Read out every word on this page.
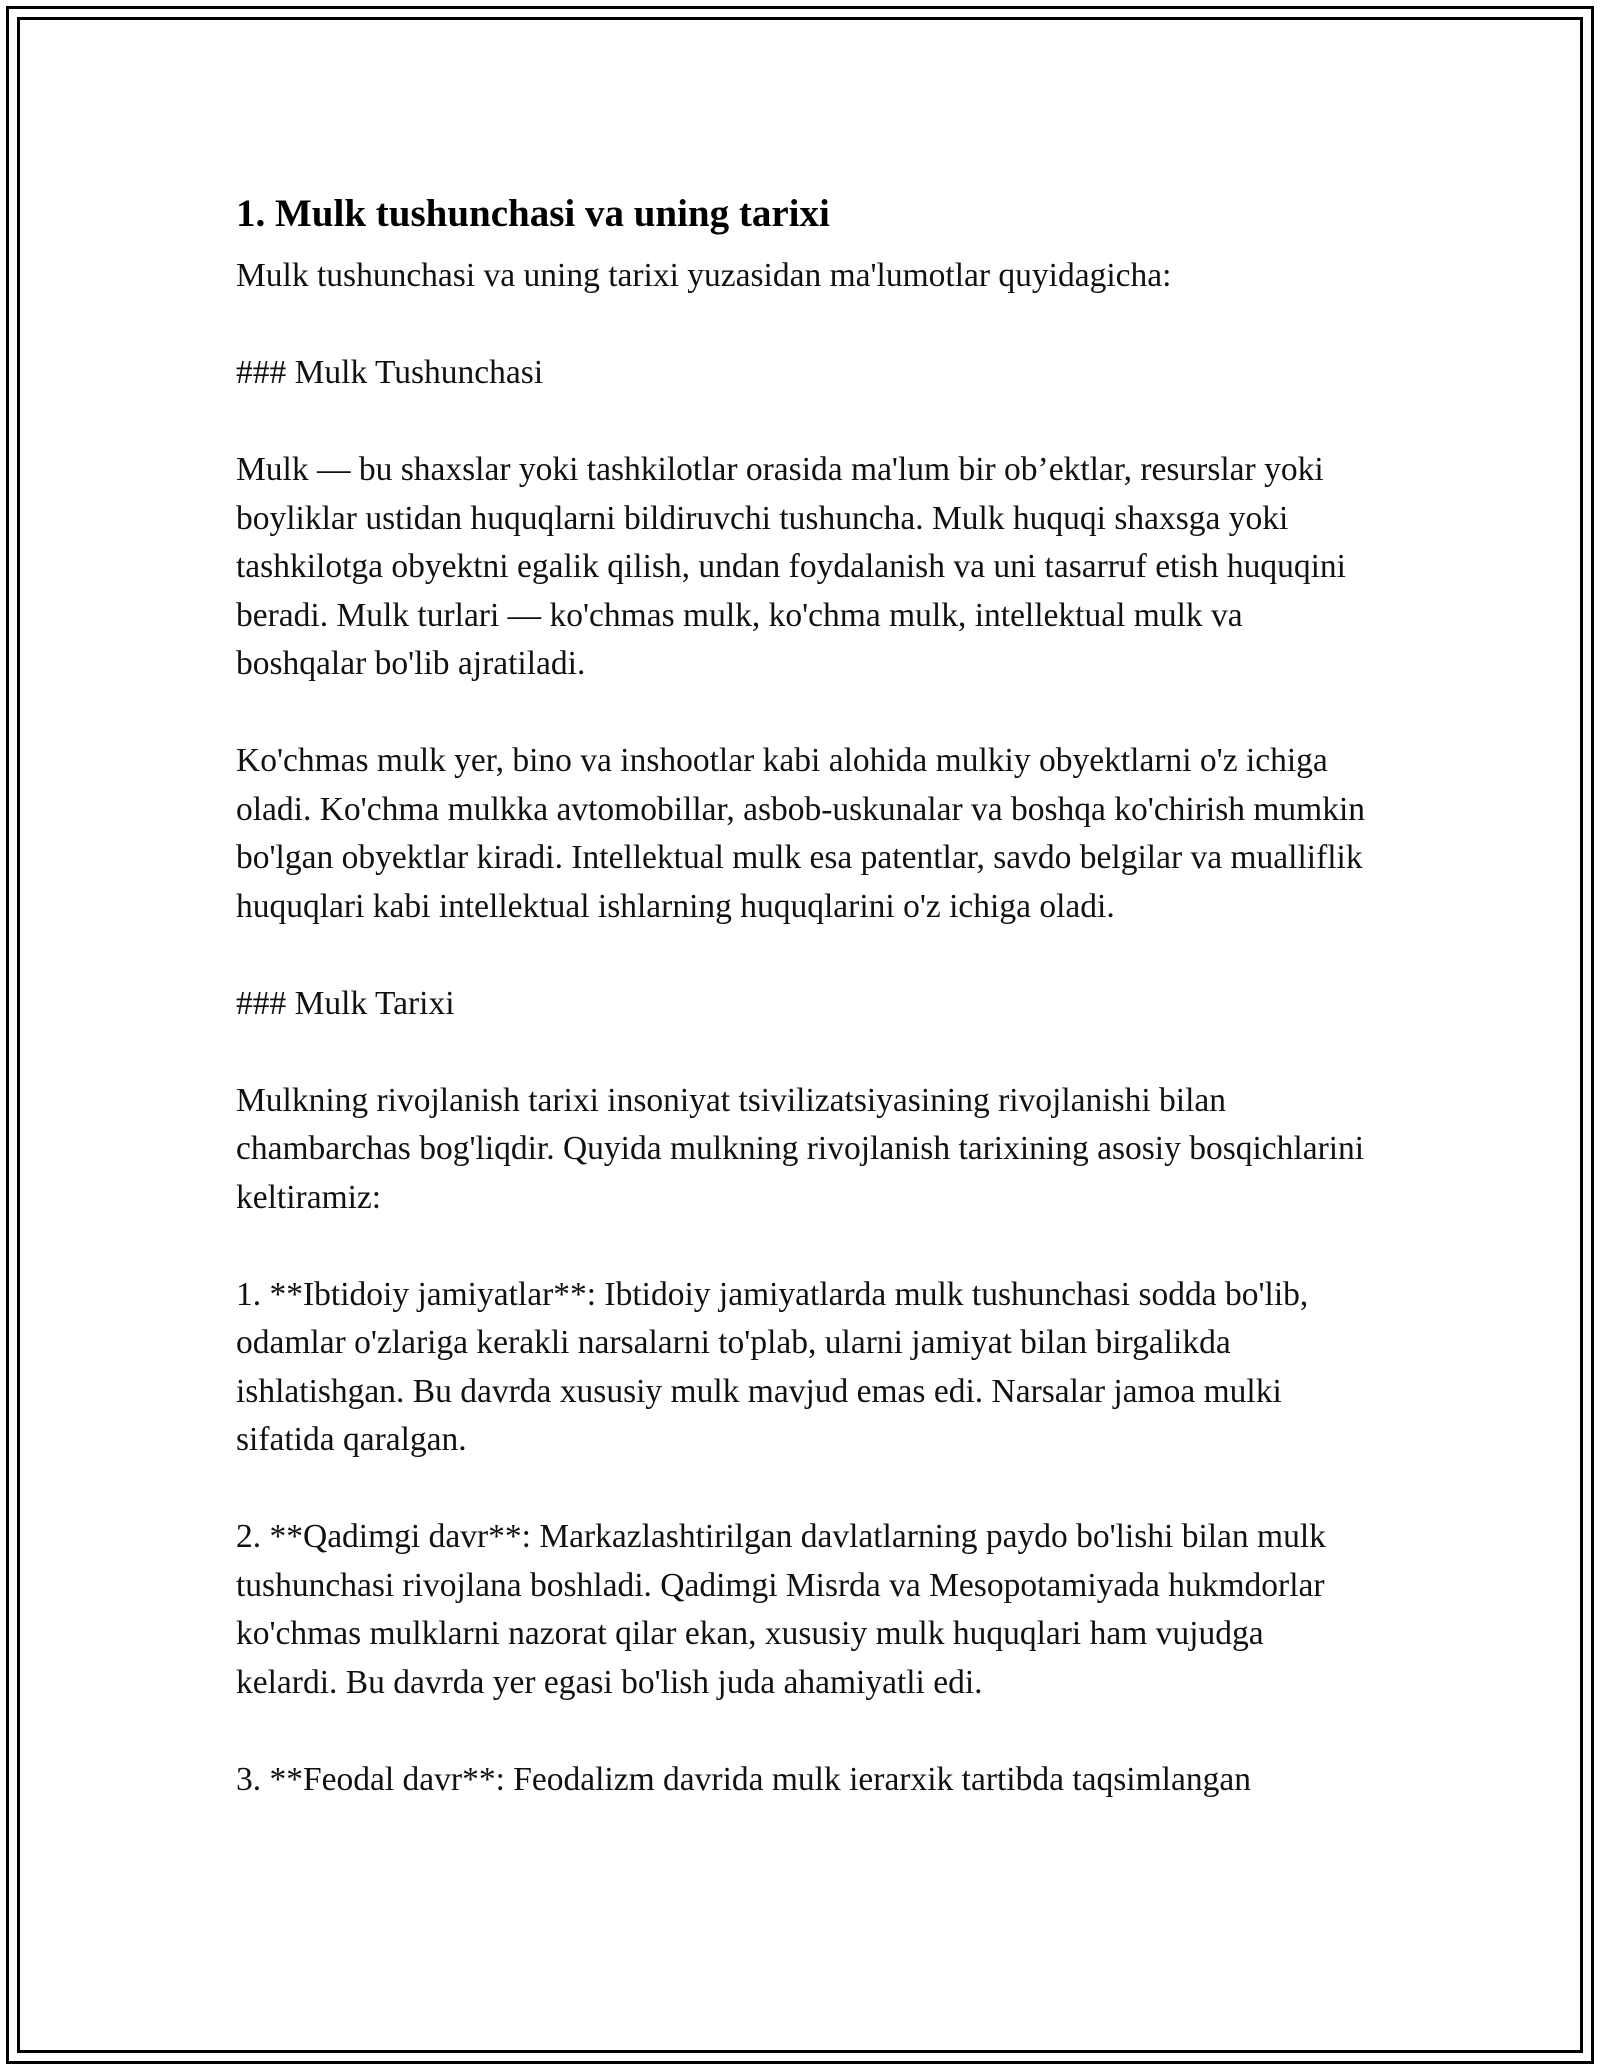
1. Mulk tushunchasi va uning tarixi

Mulk tushunchasi va uning tarixi yuzasidan ma'lumotlar quyidagicha:

### Mulk Tushunchasi

Mulk — bu shaxslar yoki tashkilotlar orasida ma'lum bir ob’ektlar, resurslar yoki boyliklar ustidan huquqlarni bildiruvchi tushuncha. Mulk huquqi shaxsga yoki tashkilotga obyektni egalik qilish, undan foydalanish va uni tasarruf etish huquqini beradi. Mulk turlari — ko'chmas mulk, ko'chma mulk, intellektual mulk va boshqalar bo'lib ajratiladi.

Ko'chmas mulk yer, bino va inshootlar kabi alohida mulkiy obyektlarni o'z ichiga oladi. Ko'chma mulkka avtomobillar, asbob-uskunalar va boshqa ko'chirish mumkin bo'lgan obyektlar kiradi. Intellektual mulk esa patentlar, savdo belgilar va mualliflik huquqlari kabi intellektual ishlarning huquqlarini o'z ichiga oladi.

### Mulk Tarixi

Mulkning rivojlanish tarixi insoniyat tsivilizatsiyasining rivojlanishi bilan chambarchas bog'liqdir. Quyida mulkning rivojlanish tarixining asosiy bosqichlarini keltiramiz:

1. **Ibtidoiy jamiyatlar**: Ibtidoiy jamiyatlarda mulk tushunchasi sodda bo'lib, odamlar o'zlariga kerakli narsalarni to'plab, ularni jamiyat bilan birgalikda ishlatishgan. Bu davrda xususiy mulk mavjud emas edi. Narsalar jamoa mulki sifatida qaralgan.

2. **Qadimgi davr**: Markazlashtirilgan davlatlarning paydo bo'lishi bilan mulk tushunchasi rivojlana boshladi. Qadimgi Misrda va Mesopotamiyada hukmdorlar ko'chmas mulklarni nazorat qilar ekan, xususiy mulk huquqlari ham vujudga kelardi. Bu davrda yer egasi bo'lish juda ahamiyatli edi.

3. **Feodal davr**: Feodalizm davrida mulk ierarxik tartibda taqsimlangan
